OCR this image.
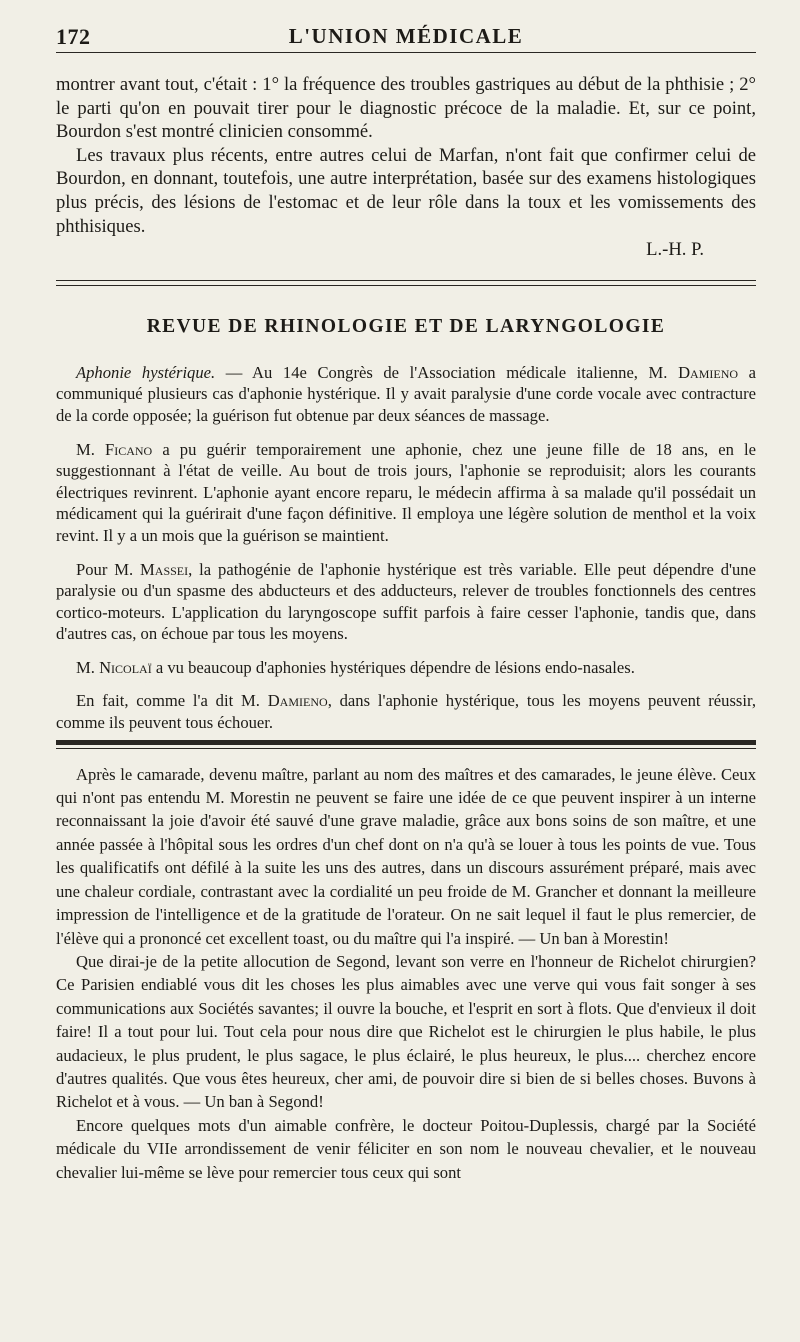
172	L'UNION MÉDICALE

montrer avant tout, c'était : 1° la fréquence des troubles gastriques au début de la phthisie ; 2° le parti qu'on en pouvait tirer pour le diagnostic précoce de la maladie. Et, sur ce point, Bourdon s'est montré clinicien consommé.

Les travaux plus récents, entre autres celui de Marfan, n'ont fait que confirmer celui de Bourdon, en donnant, toutefois, une autre interprétation, basée sur des examens histologiques plus précis, des lésions de l'estomac et de leur rôle dans la toux et les vomissements des phthisiques.

L.-H. P.
REVUE DE RHINOLOGIE ET DE LARYNGOLOGIE

Aphonie hystérique. — Au 14e Congrès de l'Association médicale italienne, M. Damieno a communiqué plusieurs cas d'aphonie hystérique. Il y avait paralysie d'une corde vocale avec contracture de la corde opposée; la guérison fut obtenue par deux séances de massage.

M. Ficano a pu guérir temporairement une aphonie, chez une jeune fille de 18 ans, en le suggestionnant à l'état de veille. Au bout de trois jours, l'aphonie se reproduisit; alors les courants électriques revinrent. L'aphonie ayant encore reparu, le médecin affirma à sa malade qu'il possédait un médicament qui la guérirait d'une façon définitive. Il employa une légère solution de menthol et la voix revint. Il y a un mois que la guérison se maintient.

Pour M. Massei, la pathogénie de l'aphonie hystérique est très variable. Elle peut dépendre d'une paralysie ou d'un spasme des abducteurs et des adducteurs, relever de troubles fonctionnels des centres cortico-moteurs. L'application du laryngoscope suffit parfois à faire cesser l'aphonie, tandis que, dans d'autres cas, on échoue par tous les moyens.

M. Nicolaï a vu beaucoup d'aphonies hystériques dépendre de lésions endo-nasales.

En fait, comme l'a dit M. Damieno, dans l'aphonie hystérique, tous les moyens peuvent réussir, comme ils peuvent tous échouer.

Après le camarade, devenu maître, parlant au nom des maîtres et des camarades, le jeune élève. Ceux qui n'ont pas entendu M. Morestin ne peuvent se faire une idée de ce que peuvent inspirer à un interne reconnaissant la joie d'avoir été sauvé d'une grave maladie, grâce aux bons soins de son maître, et une année passée à l'hôpital sous les ordres d'un chef dont on n'a qu'à se louer à tous les points de vue. Tous les qualificatifs ont défilé à la suite les uns des autres, dans un discours assurément préparé, mais avec une chaleur cordiale, contrastant avec la cordialité un peu froide de M. Grancher et donnant la meilleure impression de l'intelligence et de la gratitude de l'orateur. On ne sait lequel il faut le plus remercier, de l'élève qui a prononcé cet excellent toast, ou du maître qui l'a inspiré. — Un ban à Morestin!

Que dirai-je de la petite allocution de Segond, levant son verre en l'honneur de Richelot chirurgien? Ce Parisien endiablé vous dit les choses les plus aimables avec une verve qui vous fait songer à ses communications aux Sociétés savantes; il ouvre la bouche, et l'esprit en sort à flots. Que d'envieux il doit faire! Il a tout pour lui. Tout cela pour nous dire que Richelot est le chirurgien le plus habile, le plus audacieux, le plus prudent, le plus sagace, le plus éclairé, le plus heureux, le plus.... cherchez encore d'autres qualités. Que vous êtes heureux, cher ami, de pouvoir dire si bien de si belles choses. Buvons à Richelot et à vous. — Un ban à Segond!

Encore quelques mots d'un aimable confrère, le docteur Poitou-Duplessis, chargé par la Société médicale du VIIe arrondissement de venir féliciter en son nom le nouveau chevalier, et le nouveau chevalier lui-même se lève pour remercier tous ceux qui sont
